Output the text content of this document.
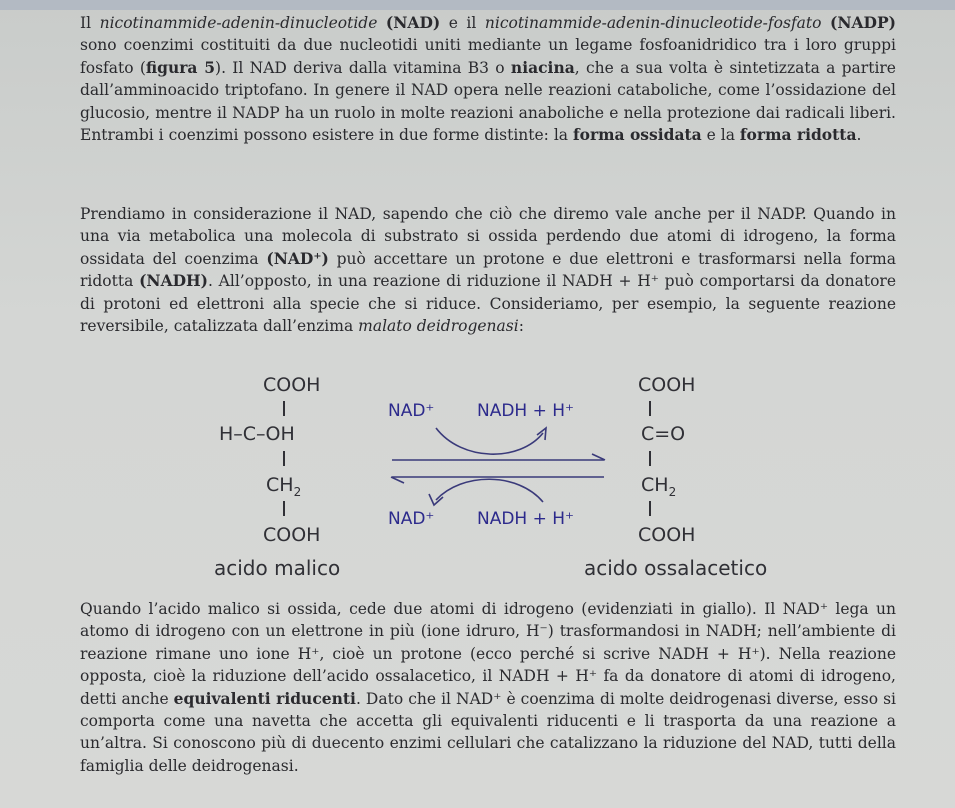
Il nicotinammide-adenin-dinucleotide (NAD) e il nicotinammide-adenin-dinucleotide-fosfato (NADP) sono coenzimi costituiti da due nucleotidi uniti mediante un legame fosfoanidridico tra i loro gruppi fosfato (figura 5). Il NAD deriva dalla vitamina B3 o niacina, che a sua volta è sintetizzata a partire dall’amminoacido triptofano. In genere il NAD opera nelle reazioni cataboliche, come l’ossidazione del glucosio, mentre il NADP ha un ruolo in molte reazioni anaboliche e nella protezione dai radicali liberi. Entrambi i coenzimi possono esistere in due forme distinte: la forma ossidata e la forma ridotta.

Prendiamo in considerazione il NAD, sapendo che ciò che diremo vale anche per il NADP. Quando in una via metabolica una molecola di substrato si ossida perdendo due atomi di idrogeno, la forma ossidata del coenzima (NAD⁺) può accettare un protone e due elettroni e trasformarsi nella forma ridotta (NADH). All’opposto, in una reazione di riduzione il NADH + H⁺ può comportarsi da donatore di protoni ed elettroni alla specie che si riduce. Consideriamo, per esempio, la seguente reazione reversibile, catalizzata dall’enzima malato deidrogenasi:

COOH
H–C–OH
$CH_2$
COOH
acido malico
COOH
C=O
$CH_2$
COOH
acido ossalacetico
NAD⁺	NADH + H⁺
NAD⁺	NADH + H⁺

Quando l’acido malico si ossida, cede due atomi di idrogeno (evidenziati in giallo). Il NAD⁺ lega un atomo di idrogeno con un elettrone in più (ione idruro, H⁻) trasformandosi in NADH; nell’ambiente di reazione rimane uno ione H⁺, cioè un protone (ecco perché si scrive NADH + H⁺). Nella reazione opposta, cioè la riduzione dell’acido ossalacetico, il NADH + H⁺ fa da donatore di atomi di idrogeno, detti anche equivalenti riducenti. Dato che il NAD⁺ è coenzima di molte deidrogenasi diverse, esso si comporta come una navetta che accetta gli equivalenti riducenti e li trasporta da una reazione a un’altra. Si conoscono più di duecento enzimi cellulari che catalizzano la riduzione del NAD, tutti della famiglia delle deidrogenasi.
